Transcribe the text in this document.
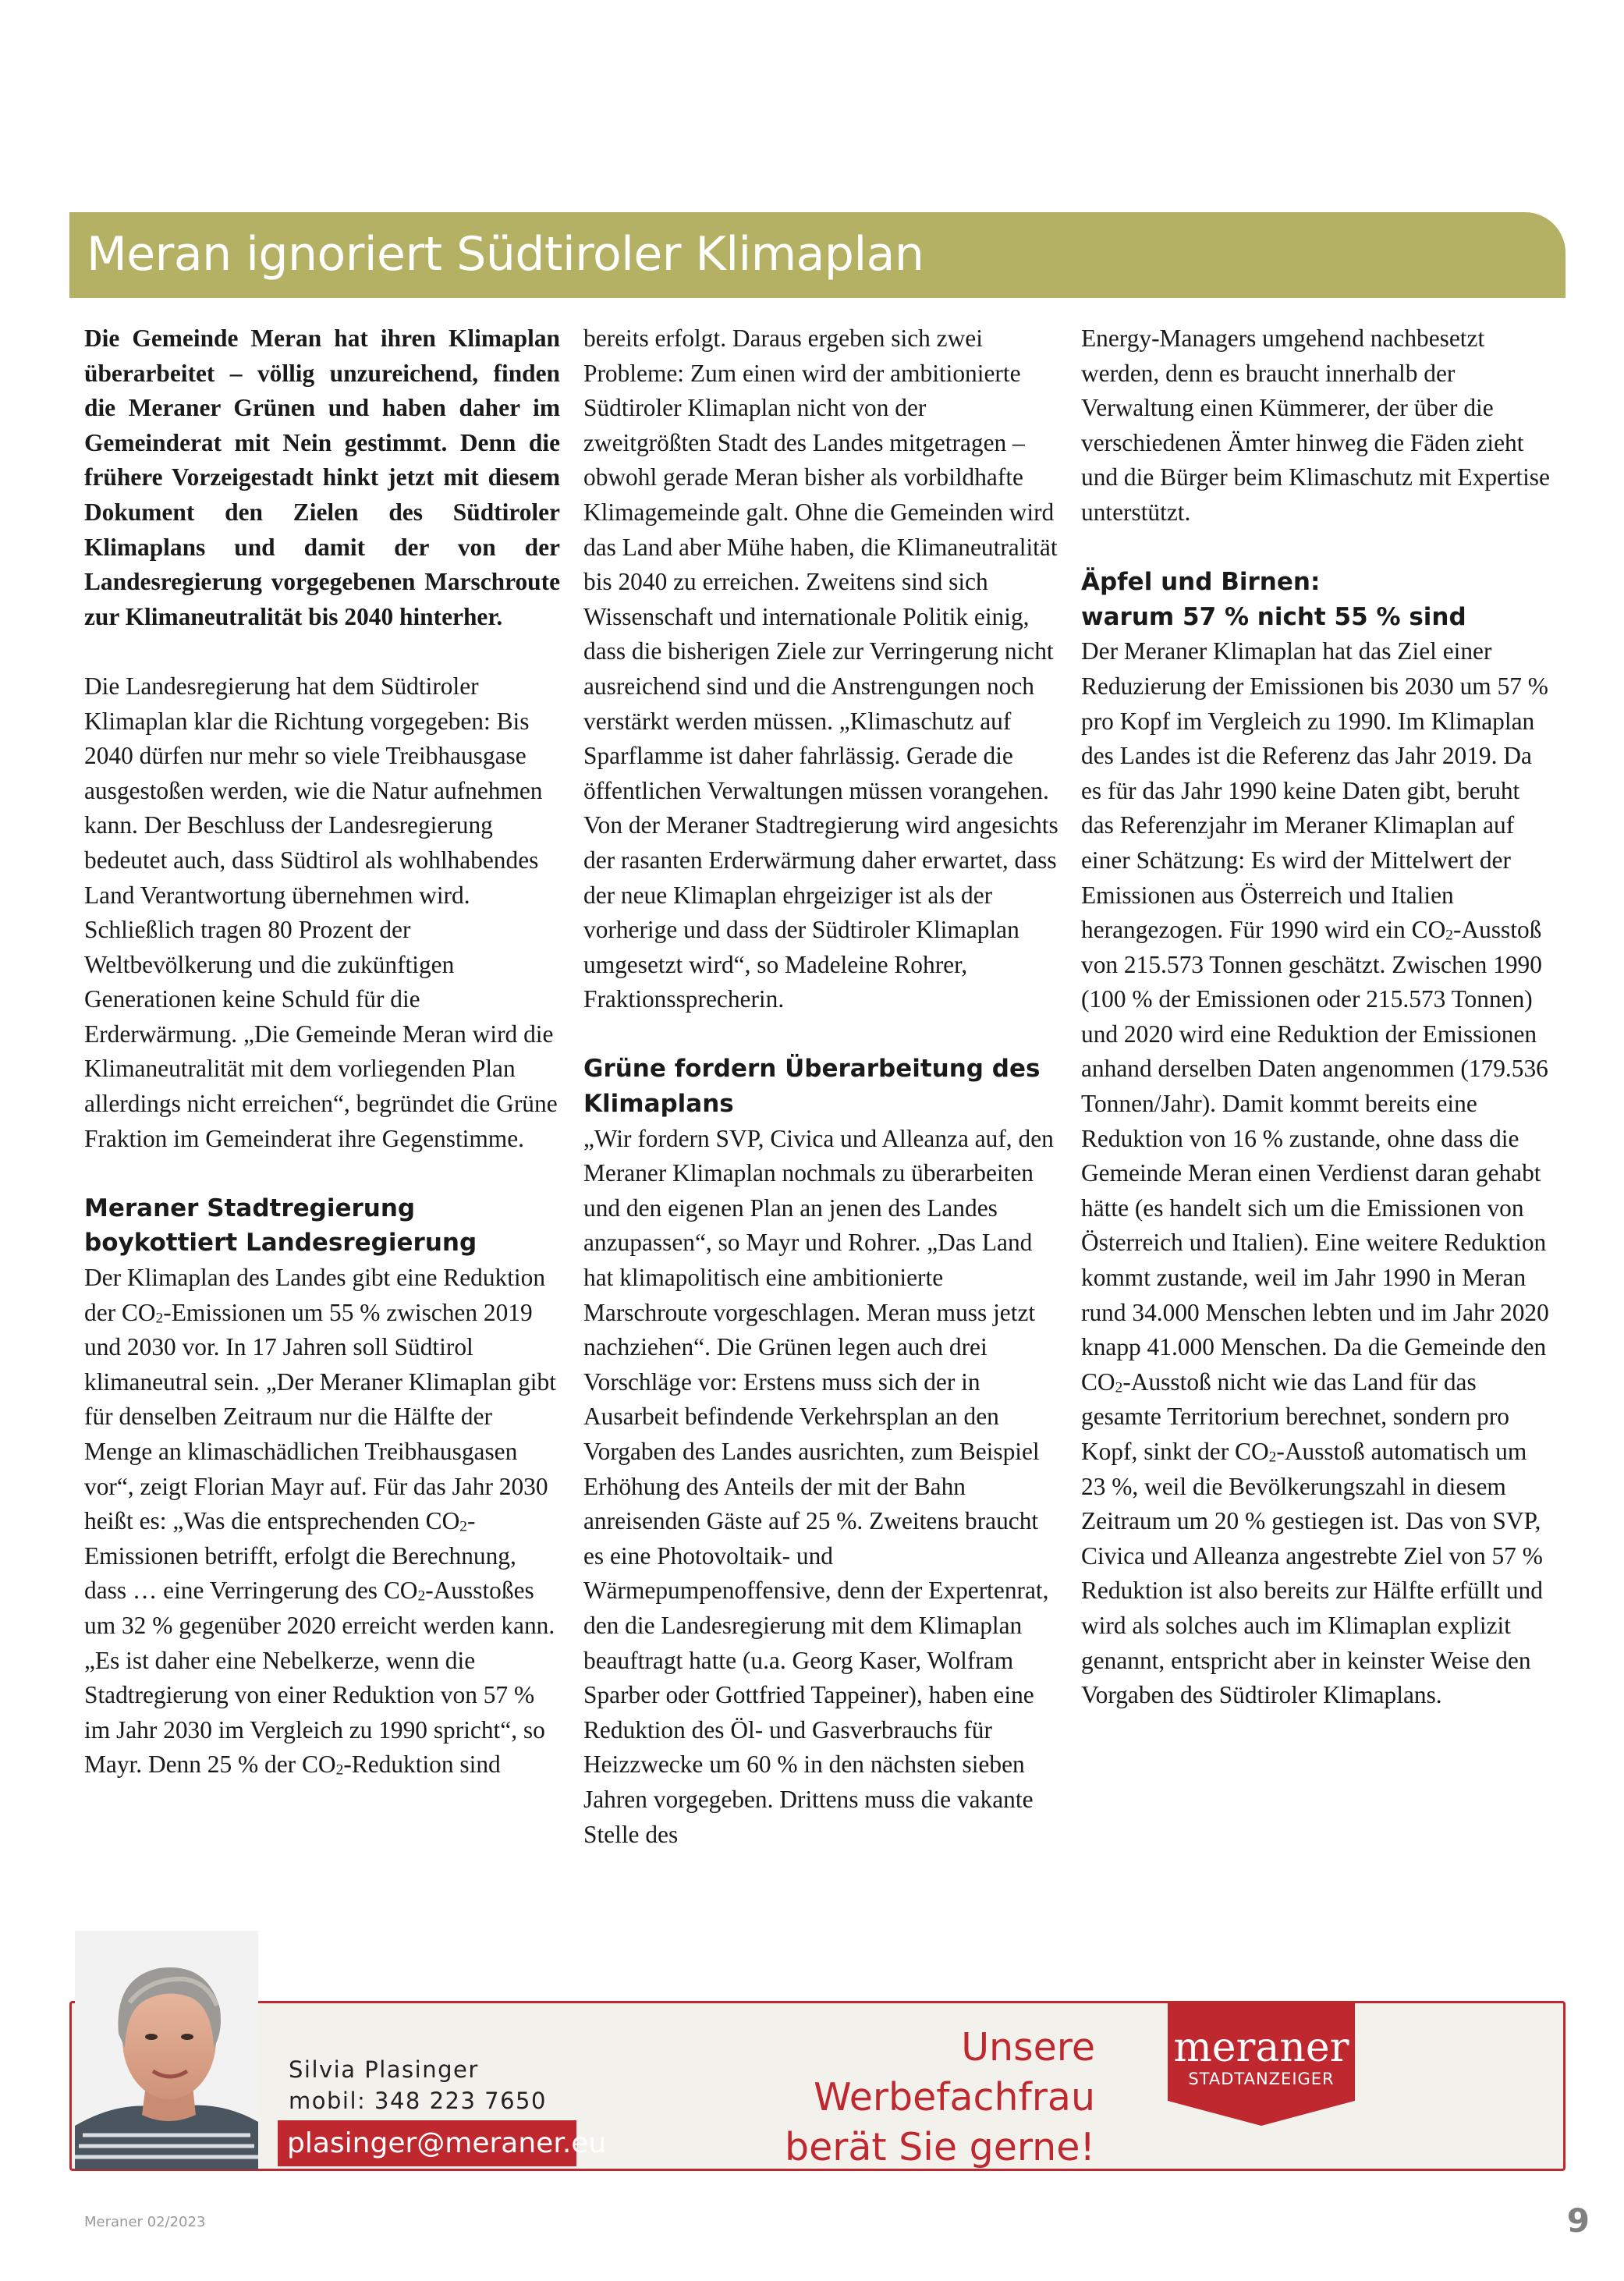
Meran ignoriert Südtiroler Klimaplan

Die Gemeinde Meran hat ihren Klimaplan überarbeitet – völlig unzureichend, finden die Meraner Grünen und haben daher im Gemeinderat mit Nein gestimmt. Denn die frühere Vorzeigestadt hinkt jetzt mit diesem Dokument den Zielen des Südtiroler Klimaplans und damit der von der Landesregierung vorgegebenen Marschroute zur Klimaneutralität bis 2040 hinterher.

Die Landesregierung hat dem Südtiroler Klimaplan klar die Richtung vorgegeben: Bis 2040 dürfen nur mehr so viele Treibhausgase ausgestoßen werden, wie die Natur aufnehmen kann. Der Beschluss der Landesregierung bedeutet auch, dass Südtirol als wohlhabendes Land Verantwortung übernehmen wird. Schließlich tragen 80 Prozent der Weltbevölkerung und die zukünftigen Generationen keine Schuld für die Erderwärmung. „Die Gemeinde Meran wird die Klimaneutralität mit dem vorliegenden Plan allerdings nicht erreichen“, begründet die Grüne Fraktion im Gemeinderat ihre Gegenstimme.

Meraner Stadtregierung boykottiert Landesregierung

Der Klimaplan des Landes gibt eine Reduktion der CO2-Emissionen um 55 % zwischen 2019 und 2030 vor. In 17 Jahren soll Südtirol klimaneutral sein. „Der Meraner Klimaplan gibt für denselben Zeitraum nur die Hälfte der Menge an klimaschädlichen Treibhausgasen vor“, zeigt Florian Mayr auf. Für das Jahr 2030 heißt es: „Was die entsprechenden CO2-Emissionen betrifft, erfolgt die Berechnung, dass … eine Verringerung des CO2-Ausstoßes um 32 % gegenüber 2020 erreicht werden kann. „Es ist daher eine Nebelkerze, wenn die Stadtregierung von einer Reduktion von 57 % im Jahr 2030 im Vergleich zu 1990 spricht“, so Mayr. Denn 25 % der CO2-Reduktion sind

bereits erfolgt. Daraus ergeben sich zwei Probleme: Zum einen wird der ambitionierte Südtiroler Klimaplan nicht von der zweitgrößten Stadt des Landes mitgetragen – obwohl gerade Meran bisher als vorbildhafte Klimagemeinde galt. Ohne die Gemeinden wird das Land aber Mühe haben, die Klimaneutralität bis 2040 zu erreichen. Zweitens sind sich Wissenschaft und internationale Politik einig, dass die bisherigen Ziele zur Verringerung nicht ausreichend sind und die Anstrengungen noch verstärkt werden müssen. „Klimaschutz auf Sparflamme ist daher fahrlässig. Gerade die öffentlichen Verwaltungen müssen vorangehen. Von der Meraner Stadtregierung wird angesichts der rasanten Erderwärmung daher erwartet, dass der neue Klimaplan ehrgeiziger ist als der vorherige und dass der Südtiroler Klimaplan umgesetzt wird“, so Madeleine Rohrer, Fraktionssprecherin.

Grüne fordern Überarbeitung des Klimaplans

„Wir fordern SVP, Civica und Alleanza auf, den Meraner Klimaplan nochmals zu überarbeiten und den eigenen Plan an jenen des Landes anzupassen“, so Mayr und Rohrer. „Das Land hat klimapolitisch eine ambitionierte Marschroute vorgeschlagen. Meran muss jetzt nachziehen“. Die Grünen legen auch drei Vorschläge vor: Erstens muss sich der in Ausarbeit befindende Verkehrsplan an den Vorgaben des Landes ausrichten, zum Beispiel Erhöhung des Anteils der mit der Bahn anreisenden Gäste auf 25 %. Zweitens braucht es eine Photovoltaik- und Wärmepumpenoffensive, denn der Expertenrat, den die Landesregierung mit dem Klimaplan beauftragt hatte (u.a. Georg Kaser, Wolfram Sparber oder Gottfried Tappeiner), haben eine Reduktion des Öl- und Gasverbrauchs für Heizzwecke um 60 % in den nächsten sieben Jahren vorgegeben. Drittens muss die vakante Stelle des

Energy-Managers umgehend nachbesetzt werden, denn es braucht innerhalb der Verwaltung einen Kümmerer, der über die verschiedenen Ämter hinweg die Fäden zieht und die Bürger beim Klimaschutz mit Expertise unterstützt.

Äpfel und Birnen:
warum 57 % nicht 55 % sind

Der Meraner Klimaplan hat das Ziel einer Reduzierung der Emissionen bis 2030 um 57 % pro Kopf im Vergleich zu 1990. Im Klimaplan des Landes ist die Referenz das Jahr 2019. Da es für das Jahr 1990 keine Daten gibt, beruht das Referenzjahr im Meraner Klimaplan auf einer Schätzung: Es wird der Mittelwert der Emissionen aus Österreich und Italien herangezogen. Für 1990 wird ein CO2-Ausstoß von 215.573 Tonnen geschätzt. Zwischen 1990 (100 % der Emissionen oder 215.573 Tonnen) und 2020 wird eine Reduktion der Emissionen anhand derselben Daten angenommen (179.536 Tonnen/Jahr). Damit kommt bereits eine Reduktion von 16 % zustande, ohne dass die Gemeinde Meran einen Verdienst daran gehabt hätte (es handelt sich um die Emissionen von Österreich und Italien). Eine weitere Reduktion kommt zustande, weil im Jahr 1990 in Meran rund 34.000 Menschen lebten und im Jahr 2020 knapp 41.000 Menschen. Da die Gemeinde den CO2-Ausstoß nicht wie das Land für das gesamte Territorium berechnet, sondern pro Kopf, sinkt der CO2-Ausstoß automatisch um 23 %, weil die Bevölkerungszahl in diesem Zeitraum um 20 % gestiegen ist. Das von SVP, Civica und Alleanza angestrebte Ziel von 57 % Reduktion ist also bereits zur Hälfte erfüllt und wird als solches auch im Klimaplan explizit genannt, entspricht aber in keinster Weise den Vorgaben des Südtiroler Klimaplans.

Silvia Plasinger
mobil: 348 223 7650
plasinger@meraner.eu
Unsere Werbefachfrau
berät Sie gerne!
meraner
STADTANZEIGER
Meraner 02/2023	9
